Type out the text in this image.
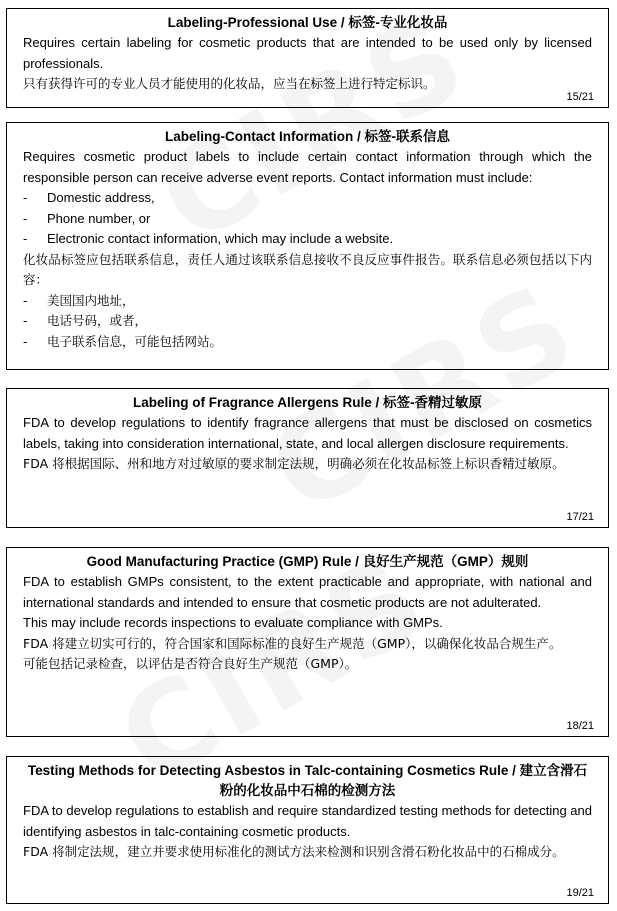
Labeling-Professional Use / 标签-专业化妆品

Requires certain labeling for cosmetic products that are intended to be used only by licensed professionals.

只有获得许可的专业人员才能使用的化妆品，应当在标签上进行特定标识。

15/21

Labeling-Contact Information / 标签-联系信息

Requires cosmetic product labels to include certain contact information through which the responsible person can receive adverse event reports. Contact information must include:

- Domestic address,
- Phone number, or
- Electronic contact information, which may include a website.

化妆品标签应包括联系信息，责任人通过该联系信息接收不良反应事件报告。联系信息必须包括以下内容：

- 美国国内地址，
- 电话号码，或者，
- 电子联系信息，可能包括网站。

Labeling of Fragrance Allergens Rule / 标签-香精过敏原

FDA to develop regulations to identify fragrance allergens that must be disclosed on cosmetics labels, taking into consideration international, state, and local allergen disclosure requirements.

FDA 将根据国际、州和地方对过敏原的要求制定法规，明确必须在化妆品标签上标识香精过敏原。

17/21

Good Manufacturing Practice (GMP) Rule / 良好生产规范（GMP）规则

FDA to establish GMPs consistent, to the extent practicable and appropriate, with national and international standards and intended to ensure that cosmetic products are not adulterated.

This may include records inspections to evaluate compliance with GMPs.

FDA 将建立切实可行的，符合国家和国际标准的良好生产规范（GMP），以确保化妆品合规生产。

可能包括记录检查，以评估是否符合良好生产规范（GMP）。

18/21

Testing Methods for Detecting Asbestos in Talc-containing Cosmetics Rule / 建立含滑石粉的化妆品中石棉的检测方法

FDA to develop regulations to establish and require standardized testing methods for detecting and identifying asbestos in talc-containing cosmetic products.

FDA 将制定法规，建立并要求使用标准化的测试方法来检测和识别含滑石粉化妆品中的石棉成分。

19/21
